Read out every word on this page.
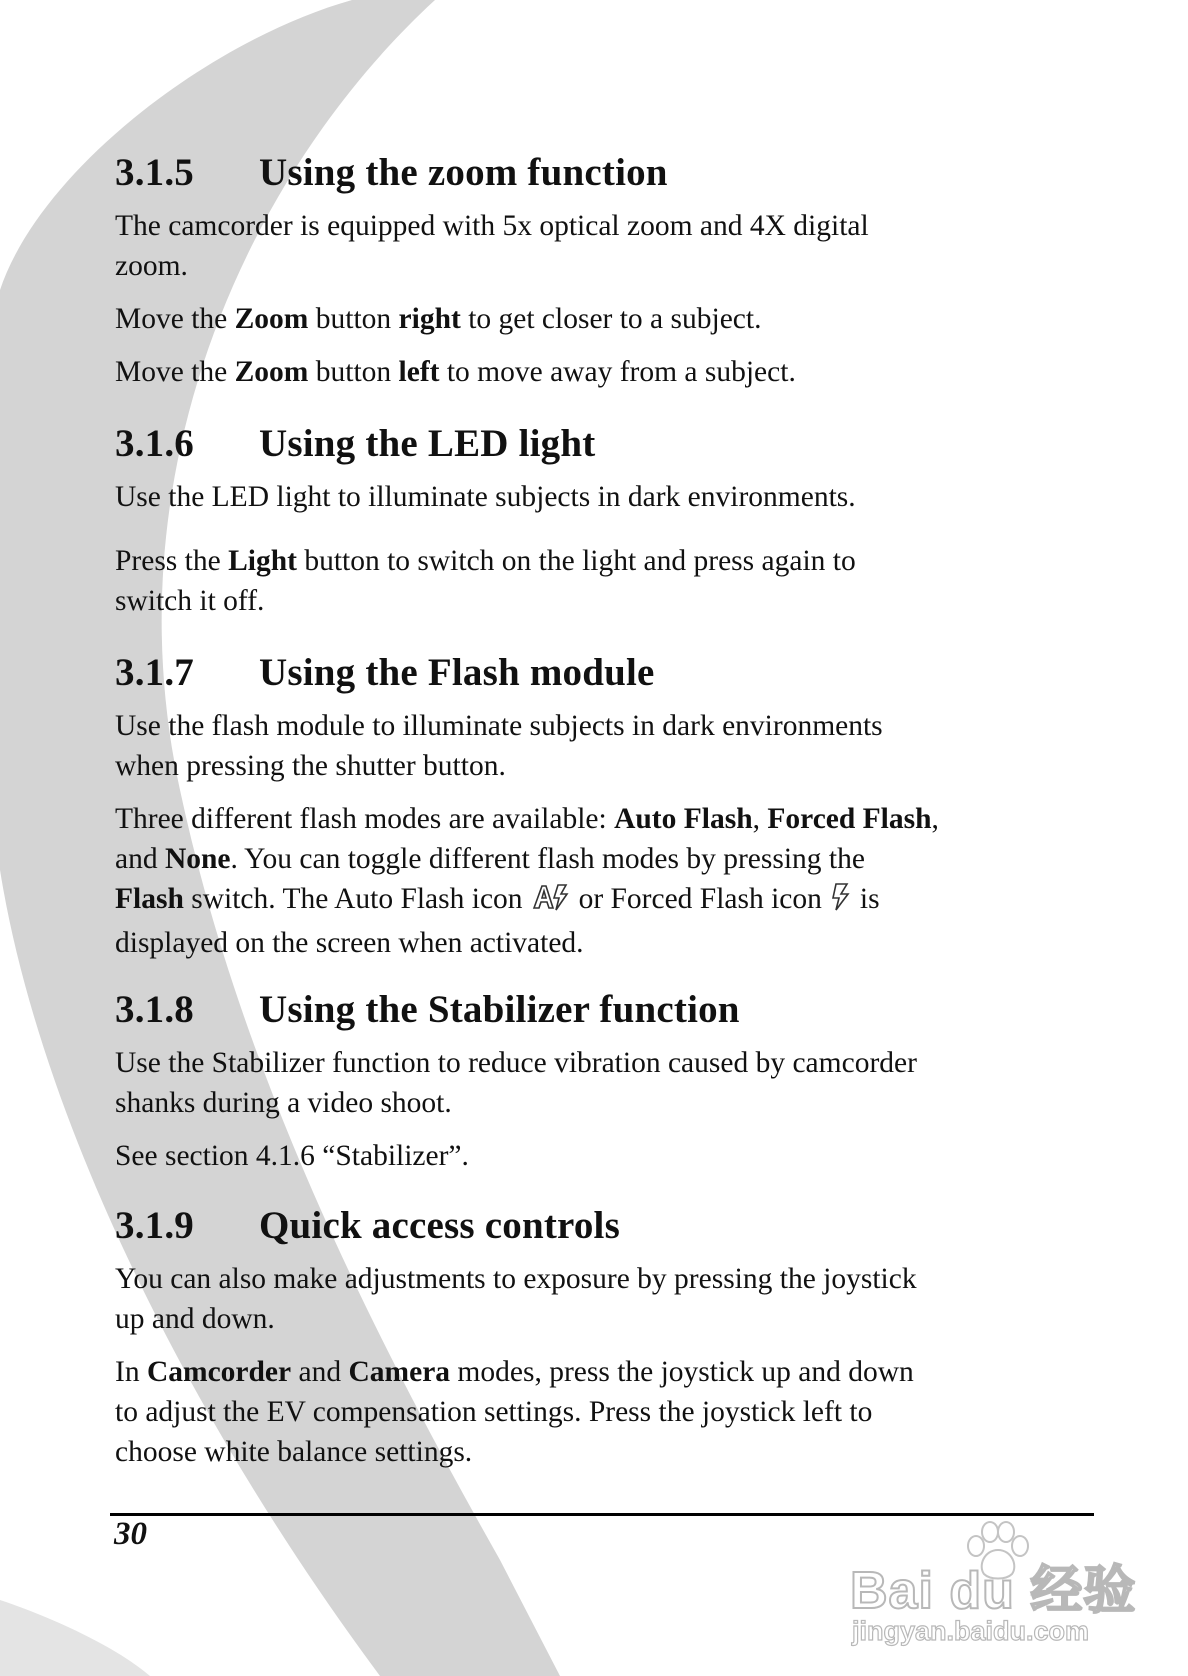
3.1.5 Using the zoom function

The camcorder is equipped with 5x optical zoom and 4X digital

zoom.

Move the Zoom button right to get closer to a subject.

Move the Zoom button left to move away from a subject.

3.1.6 Using the LED light

Use the LED light to illuminate subjects in dark environments.

Press the Light button to switch on the light and press again to

switch it off.

3.1.7 Using the Flash module

Use the flash module to illuminate subjects in dark environments

when pressing the shutter button.

Three different flash modes are available: Auto Flash, Forced Flash,

and None. You can toggle different flash modes by pressing the

Flash switch. The Auto Flash icon or Forced Flash icon is

displayed on the screen when activated.

3.1.8 Using the Stabilizer function

Use the Stabilizer function to reduce vibration caused by camcorder

shanks during a video shoot.

See section 4.1.6 “Stabilizer”.

3.1.9 Quick access controls

You can also make adjustments to exposure by pressing the joystick

up and down.

In Camcorder and Camera modes, press the joystick up and down

to adjust the EV compensation settings. Press the joystick left to

choose white balance settings.

30
Bai du 经验
jingyan.baidu.com
